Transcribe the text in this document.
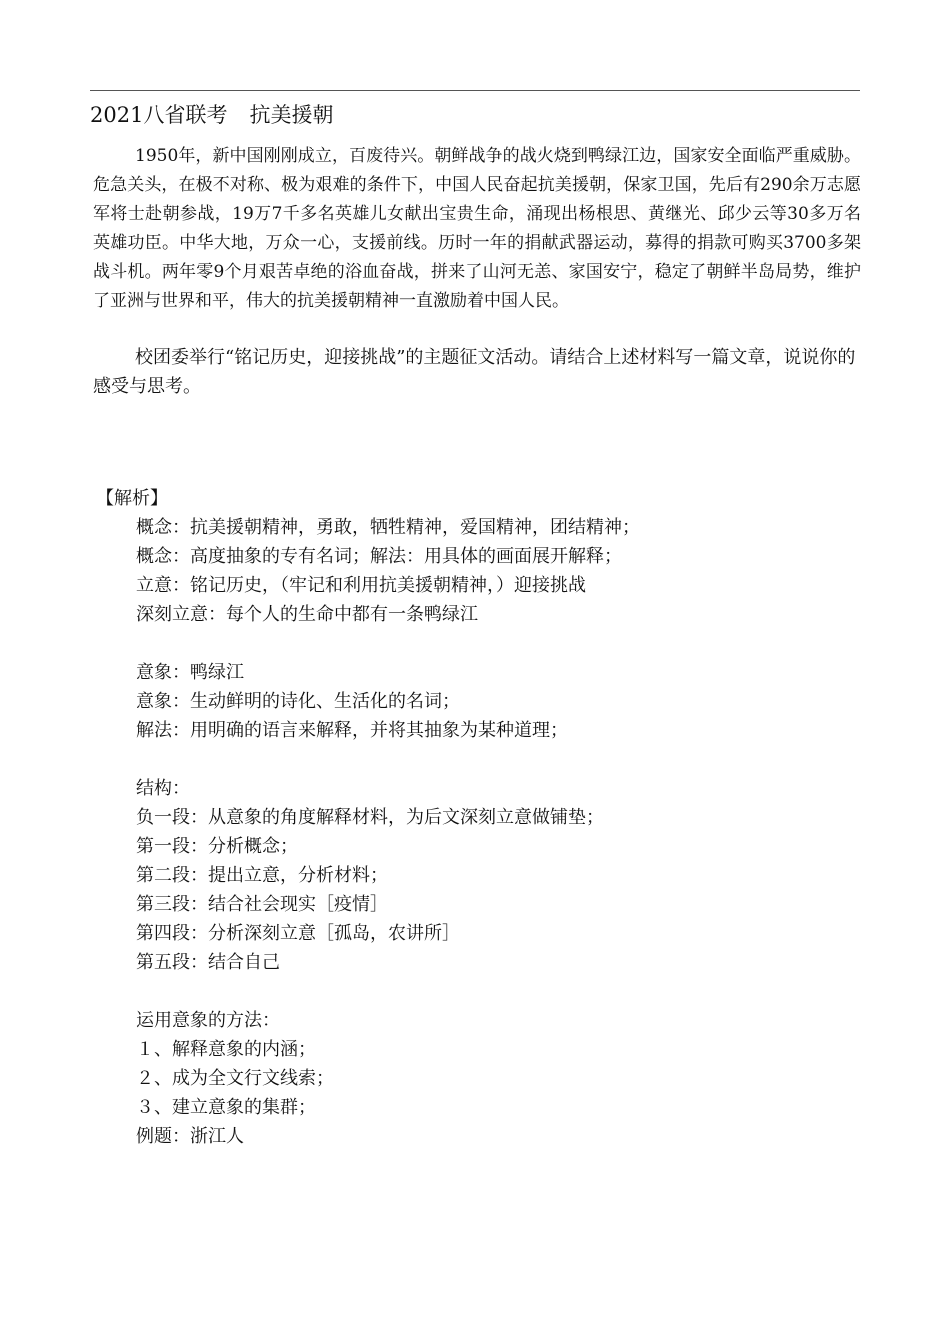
2021八省联考 抗美援朝

1950年，新中国刚刚成立，百废待兴。朝鲜战争的战火烧到鸭绿江边，国家安全面临严重威胁。危急关头，在极不对称、极为艰难的条件下，中国人民奋起抗美援朝，保家卫国，先后有290余万志愿军将士赴朝参战，19万7千多名英雄儿女献出宝贵生命，涌现出杨根思、黄继光、邱少云等30多万名英雄功臣。中华大地，万众一心，支援前线。历时一年的捐献武器运动，募得的捐款可购买3700多架战斗机。两年零9个月艰苦卓绝的浴血奋战，拼来了山河无恙、家国安宁，稳定了朝鲜半岛局势，维护了亚洲与世界和平，伟大的抗美援朝精神一直激励着中国人民。

校团委举行“铭记历史，迎接挑战”的主题征文活动。请结合上述材料写一篇文章，说说你的感受与思考。

【解析】
概念：抗美援朝精神，勇敢，牺牲精神，爱国精神，团结精神；
概念：高度抽象的专有名词；解法：用具体的画面展开解释；
立意：铭记历史，（牢记和利用抗美援朝精神，）迎接挑战
深刻立意：每个人的生命中都有一条鸭绿江
意象：鸭绿江
意象：生动鲜明的诗化、生活化的名词；
解法：用明确的语言来解释，并将其抽象为某种道理；
结构：
负一段：从意象的角度解释材料，为后文深刻立意做铺垫；
第一段：分析概念；
第二段：提出立意，分析材料；
第三段：结合社会现实［疫情］
第四段：分析深刻立意［孤岛，农讲所］
第五段：结合自己
运用意象的方法：
１、解释意象的内涵；
２、成为全文行文线索；
３、建立意象的集群；
例题：浙江人
